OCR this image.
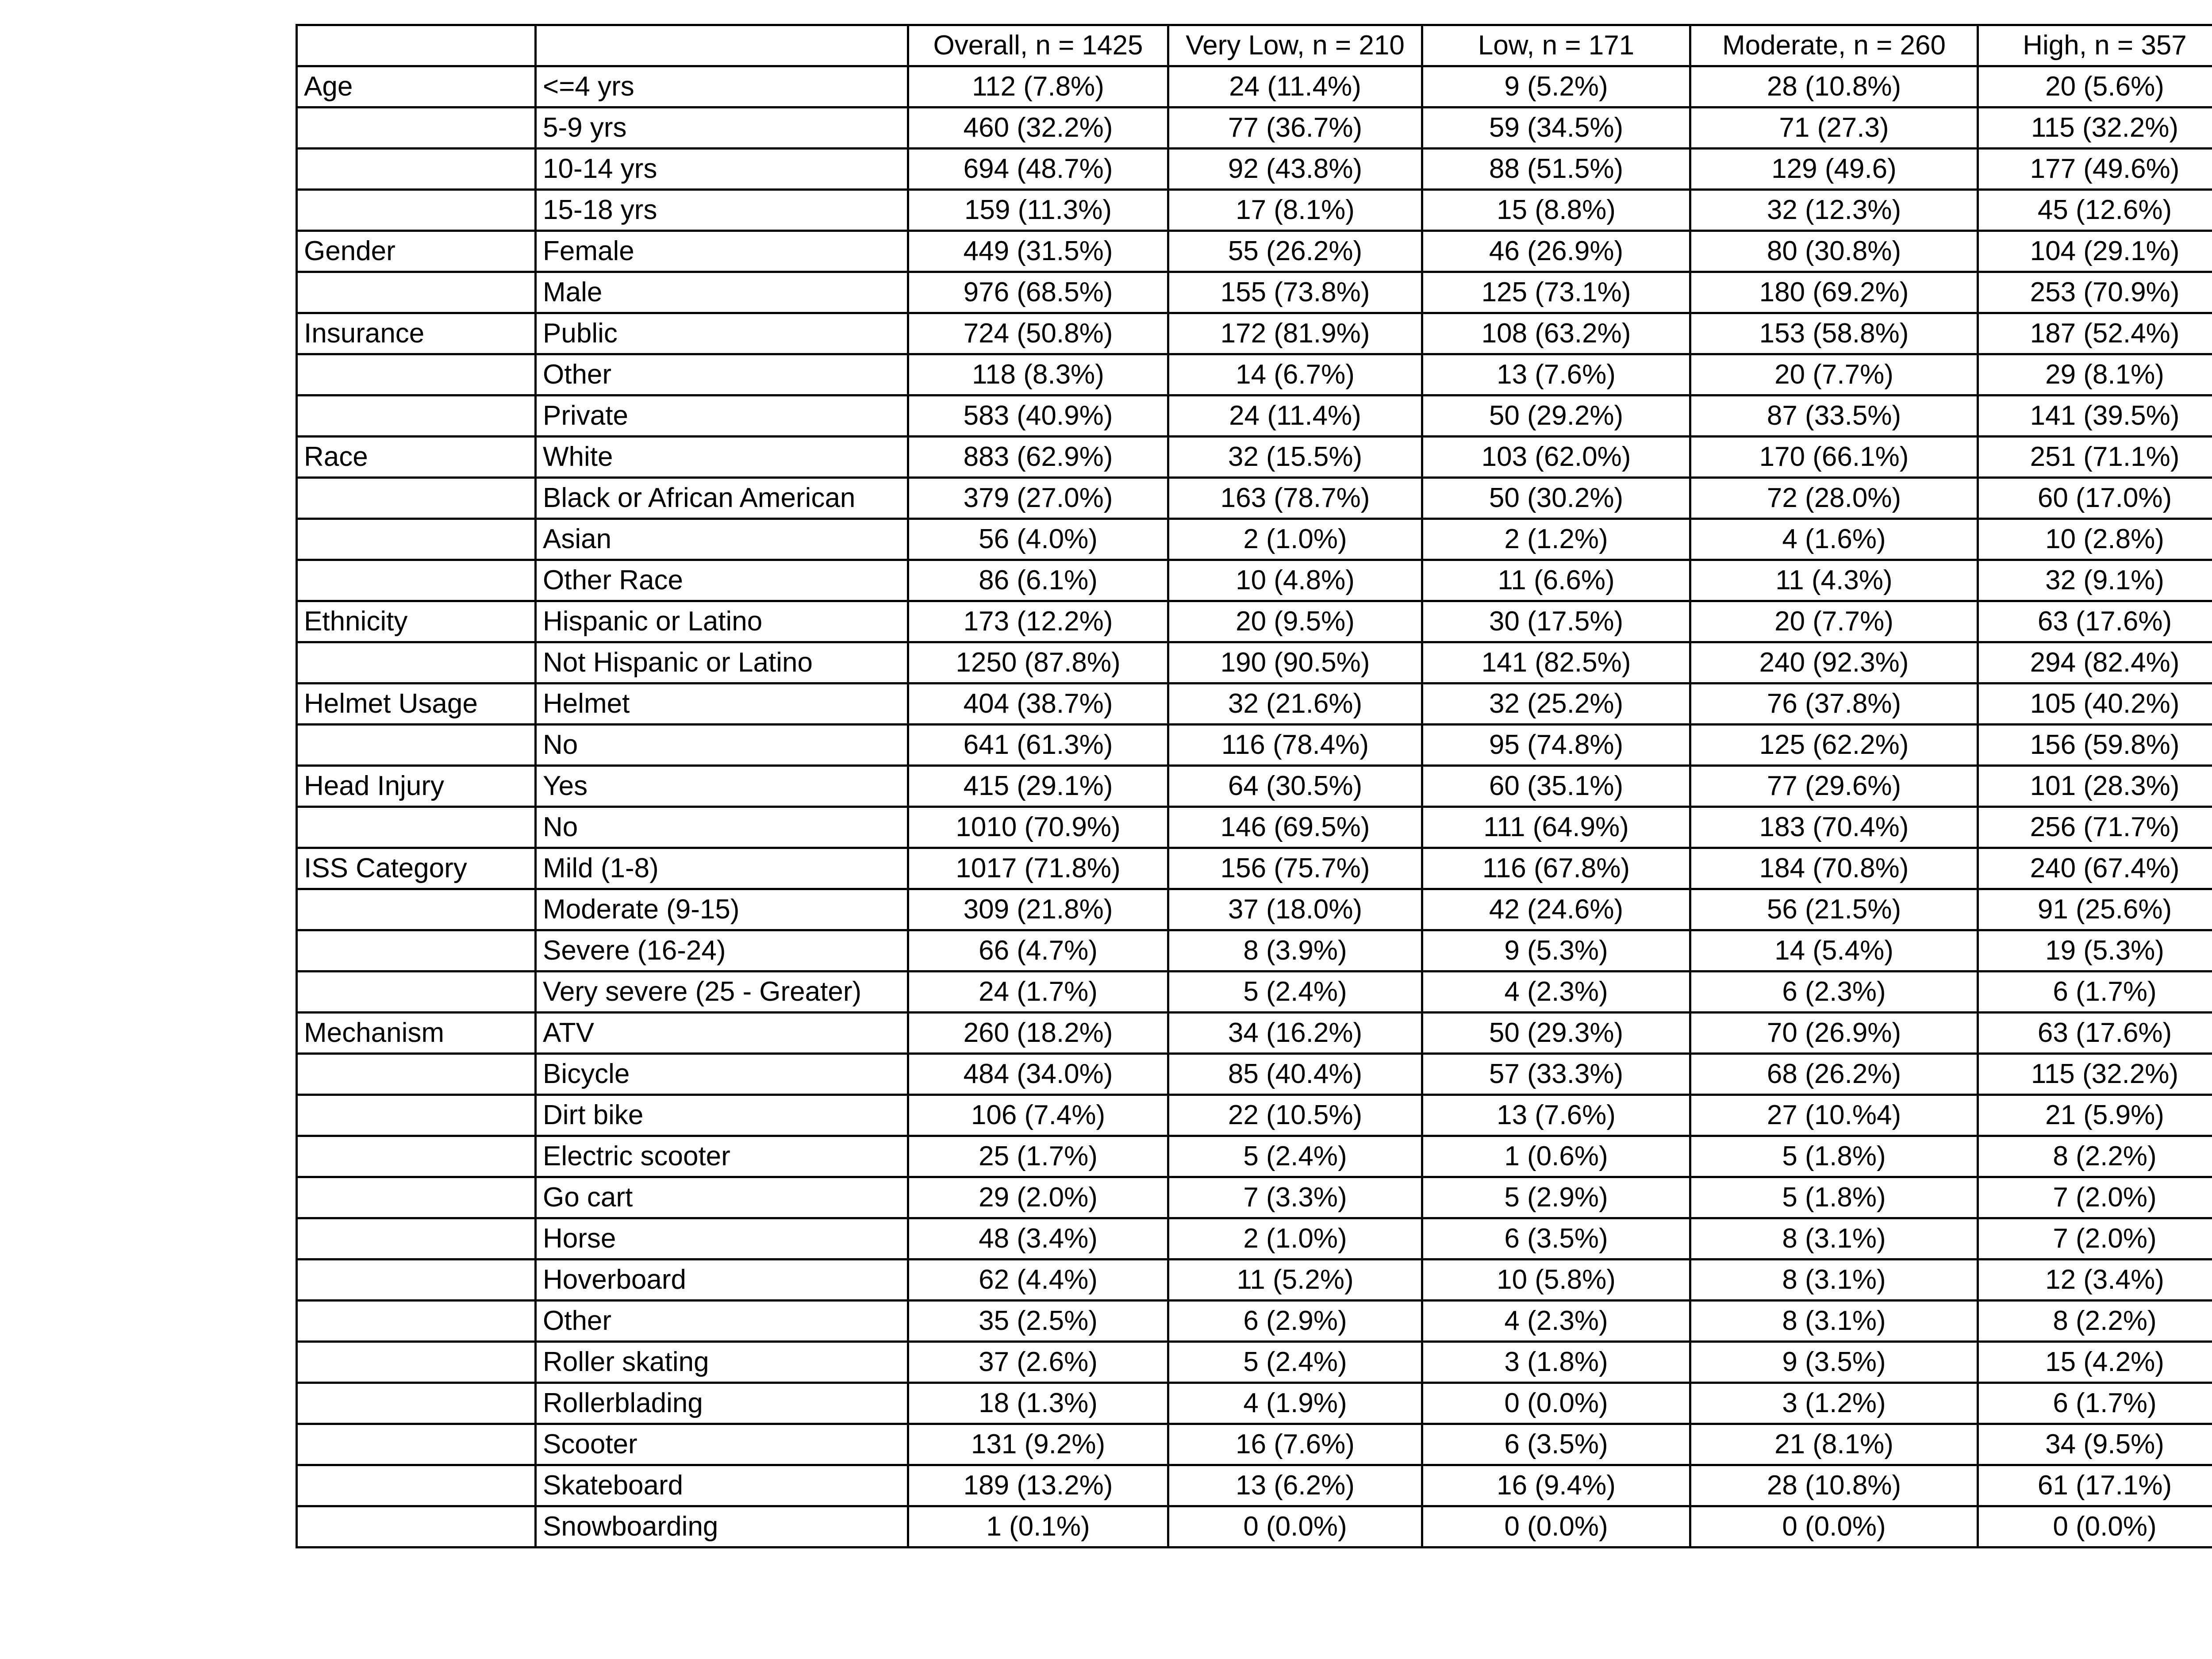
		Overall, n = 1425	Very Low, n = 210	Low, n = 171	Moderate, n = 260	High, n = 357		
Age	<=4 yrs	112 (7.8%)	24 (11.4%)	9 (5.2%)	28 (10.8%)	20 (5.6%)		
	5-9 yrs	460 (32.2%)	77 (36.7%)	59 (34.5%)	71 (27.3)	115 (32.2%)		
	10-14 yrs	694 (48.7%)	92 (43.8%)	88 (51.5%)	129 (49.6)	177 (49.6%)		
	15-18 yrs	159 (11.3%)	17 (8.1%)	15 (8.8%)	32 (12.3%)	45 (12.6%)		
Gender	Female	449 (31.5%)	55 (26.2%)	46 (26.9%)	80 (30.8%)	104 (29.1%)		
	Male	976 (68.5%)	155 (73.8%)	125 (73.1%)	180 (69.2%)	253 (70.9%)		
Insurance	Public	724 (50.8%)	172 (81.9%)	108 (63.2%)	153 (58.8%)	187 (52.4%)		
	Other	118 (8.3%)	14 (6.7%)	13 (7.6%)	20 (7.7%)	29 (8.1%)		
	Private	583 (40.9%)	24 (11.4%)	50 (29.2%)	87 (33.5%)	141 (39.5%)		
Race	White	883 (62.9%)	32 (15.5%)	103 (62.0%)	170 (66.1%)	251 (71.1%)		
	Black or African American	379 (27.0%)	163 (78.7%)	50 (30.2%)	72 (28.0%)	60 (17.0%)		
	Asian	56 (4.0%)	2 (1.0%)	2 (1.2%)	4 (1.6%)	10 (2.8%)		
	Other Race	86 (6.1%)	10 (4.8%)	11 (6.6%)	11 (4.3%)	32 (9.1%)		
Ethnicity	Hispanic or Latino	173 (12.2%)	20 (9.5%)	30 (17.5%)	20 (7.7%)	63 (17.6%)		
	Not Hispanic or Latino	1250 (87.8%)	190 (90.5%)	141 (82.5%)	240 (92.3%)	294 (82.4%)		
Helmet Usage	Helmet	404 (38.7%)	32 (21.6%)	32 (25.2%)	76 (37.8%)	105 (40.2%)		
	No	641 (61.3%)	116 (78.4%)	95 (74.8%)	125 (62.2%)	156 (59.8%)		
Head Injury	Yes	415 (29.1%)	64 (30.5%)	60 (35.1%)	77 (29.6%)	101 (28.3%)		
	No	1010 (70.9%)	146 (69.5%)	111 (64.9%)	183 (70.4%)	256 (71.7%)		
ISS Category	Mild (1-8)	1017 (71.8%)	156 (75.7%)	116 (67.8%)	184 (70.8%)	240 (67.4%)		
	Moderate (9-15)	309 (21.8%)	37 (18.0%)	42 (24.6%)	56 (21.5%)	91 (25.6%)		
	Severe (16-24)	66 (4.7%)	8 (3.9%)	9 (5.3%)	14 (5.4%)	19 (5.3%)		
	Very severe (25 - Greater)	24 (1.7%)	5 (2.4%)	4 (2.3%)	6 (2.3%)	6 (1.7%)		
Mechanism	ATV	260 (18.2%)	34 (16.2%)	50 (29.3%)	70 (26.9%)	63 (17.6%)		
	Bicycle	484 (34.0%)	85 (40.4%)	57 (33.3%)	68 (26.2%)	115 (32.2%)		
	Dirt bike	106 (7.4%)	22 (10.5%)	13 (7.6%)	27 (10.%4)	21 (5.9%)		
	Electric scooter	25 (1.7%)	5 (2.4%)	1 (0.6%)	5 (1.8%)	8 (2.2%)		
	Go cart	29 (2.0%)	7 (3.3%)	5 (2.9%)	5 (1.8%)	7 (2.0%)		
	Horse	48 (3.4%)	2 (1.0%)	6 (3.5%)	8 (3.1%)	7 (2.0%)		
	Hoverboard	62 (4.4%)	11 (5.2%)	10 (5.8%)	8 (3.1%)	12 (3.4%)		
	Other	35 (2.5%)	6 (2.9%)	4 (2.3%)	8 (3.1%)	8 (2.2%)		
	Roller skating	37 (2.6%)	5 (2.4%)	3 (1.8%)	9 (3.5%)	15 (4.2%)		
	Rollerblading	18 (1.3%)	4 (1.9%)	0 (0.0%)	3 (1.2%)	6 (1.7%)		
	Scooter	131 (9.2%)	16 (7.6%)	6 (3.5%)	21 (8.1%)	34 (9.5%)		
	Skateboard	189 (13.2%)	13 (6.2%)	16 (9.4%)	28 (10.8%)	61 (17.1%)		
	Snowboarding	1 (0.1%)	0 (0.0%)	0 (0.0%)	0 (0.0%)	0 (0.0%)		
